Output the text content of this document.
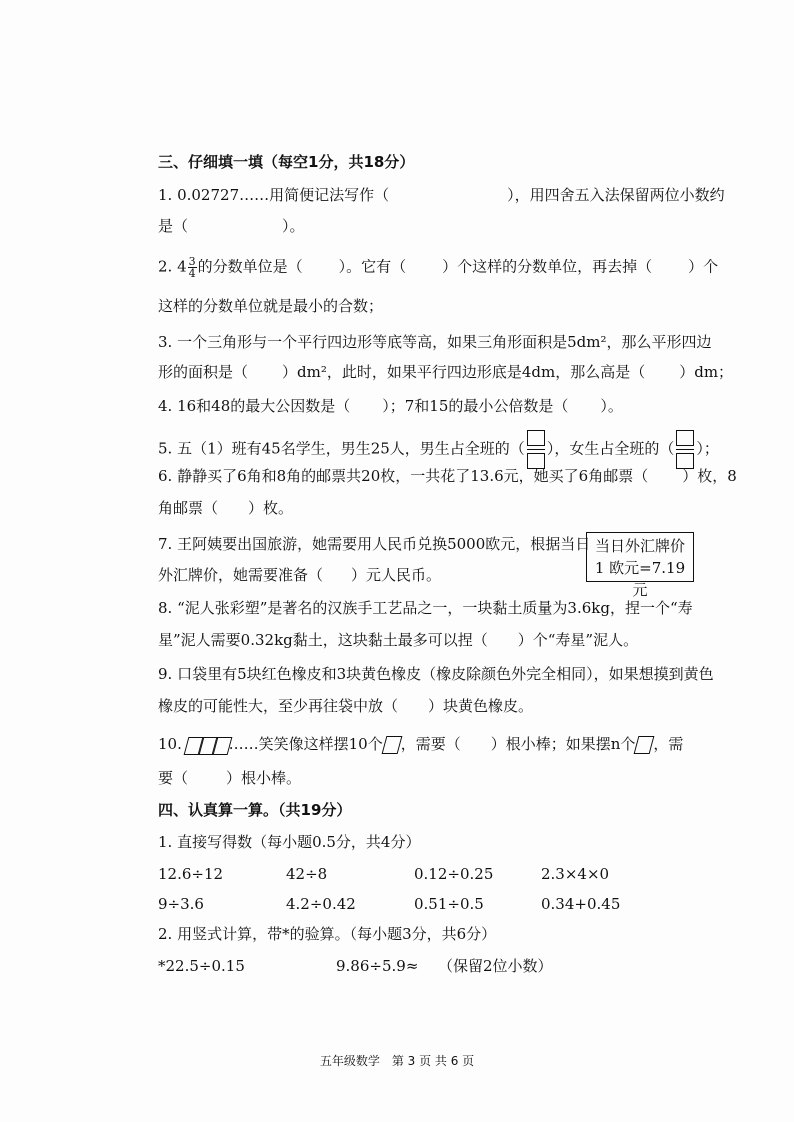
三、仔细填一填（每空1分，共18分）
1. 0.02727……用简便记法写作（	），用四舍五入法保留两位小数约
是（	）。
2. $4 \frac{3}{4}$ 的分数单位是（ ）。它有（ ）个这样的分数单位，再去掉（ ）个
这样的分数单位就是最小的合数；
3. 一个三角形与一个平行四边形等底等高，如果三角形面积是5dm²，那么平形四边
形的面积是（ ）dm²，此时，如果平行四边形底是4dm，那么高是（ ）dm；
4. 16和48的最大公因数是（ ）；7和15的最小公倍数是（ ）。
5. 五（1）班有45名学生，男生25人，男生占全班的（ ），女生占全班的（ ）；
6. 静静买了6角和8角的邮票共20枚，一共花了13.6元，她买了6角邮票（ ）枚，8
角邮票（ ）枚。
7. 王阿姨要出国旅游，她需要用人民币兑换5000欧元，根据当日
外汇牌价，她需要准备（ ）元人民币。
当日外汇牌价
1 欧元=7.19 元
8. “泥人张彩塑”是著名的汉族手工艺品之一，一块黏土质量为3.6kg，捏一个“寿
星”泥人需要0.32kg黏土，这块黏土最多可以捏（ ）个“寿星”泥人。
9. 口袋里有5块红色橡皮和3块黄色橡皮（橡皮除颜色外完全相同），如果想摸到黄色
橡皮的可能性大，至少再往袋中放（ ）块黄色橡皮。
10.	……笑笑像这样摆10个 ，需要（ ）根小棒；如果摆n个 ，需
要（	）根小棒。
四、认真算一算。（共19分）
1. 直接写得数（每小题0.5分，共4分）
12.6÷12	42÷8	0.12÷0.25	2.3×4×0
9÷3.6	4.2÷0.42	0.51÷0.5	0.34+0.45
2. 用竖式计算，带*的验算。（每小题3分，共6分）
*22.5÷0.15	9.86÷5.9≈ （保留2位小数）
五年级数学　第 3 页 共 6 页
